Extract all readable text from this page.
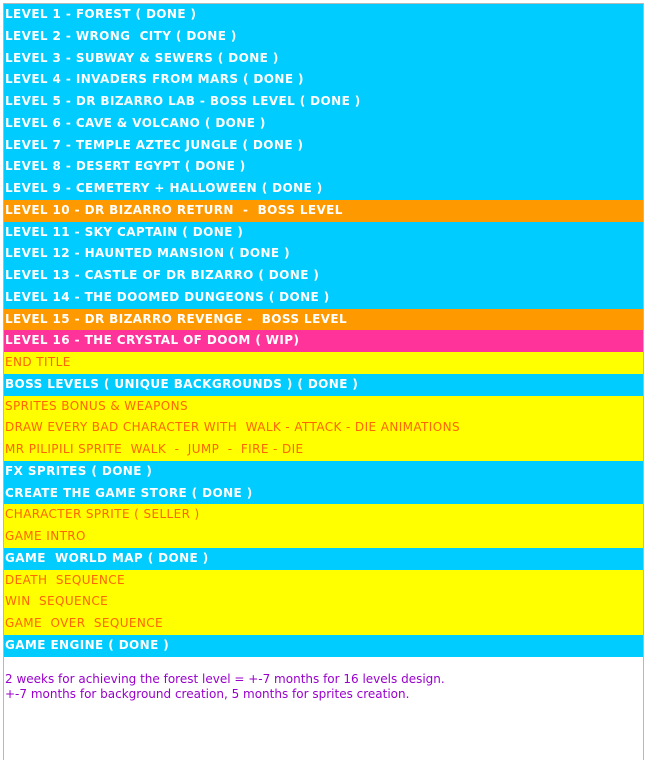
LEVEL 1 - FOREST ( DONE )
LEVEL 2 - WRONG  CITY ( DONE )
LEVEL 3 - SUBWAY & SEWERS ( DONE )
LEVEL 4 - INVADERS FROM MARS ( DONE )
LEVEL 5 - DR BIZARRO LAB - BOSS LEVEL ( DONE )
LEVEL 6 - CAVE & VOLCANO ( DONE )
LEVEL 7 - TEMPLE AZTEC JUNGLE ( DONE )
LEVEL 8 - DESERT EGYPT ( DONE )
LEVEL 9 - CEMETERY + HALLOWEEN ( DONE )
LEVEL 10 - DR BIZARRO RETURN  -  BOSS LEVEL
LEVEL 11 - SKY CAPTAIN ( DONE )
LEVEL 12 - HAUNTED MANSION ( DONE )
LEVEL 13 - CASTLE OF DR BIZARRO ( DONE )
LEVEL 14 - THE DOOMED DUNGEONS ( DONE )
LEVEL 15 - DR BIZARRO REVENGE -  BOSS LEVEL
LEVEL 16 - THE CRYSTAL OF DOOM ( WIP)
END TITLE
BOSS LEVELS ( UNIQUE BACKGROUNDS ) ( DONE )
SPRITES BONUS & WEAPONS
DRAW EVERY BAD CHARACTER WITH  WALK - ATTACK - DIE ANIMATIONS
MR PILIPILI SPRITE  WALK  -  JUMP  -  FIRE - DIE
FX SPRITES ( DONE )
CREATE THE GAME STORE ( DONE )
CHARACTER SPRITE ( SELLER )
GAME INTRO
GAME  WORLD MAP ( DONE )
DEATH  SEQUENCE
WIN  SEQUENCE
GAME  OVER  SEQUENCE
GAME ENGINE ( DONE )
2 weeks for achieving the forest level = +-7 months for 16 levels design.
+-7 months for background creation, 5 months for sprites creation.
